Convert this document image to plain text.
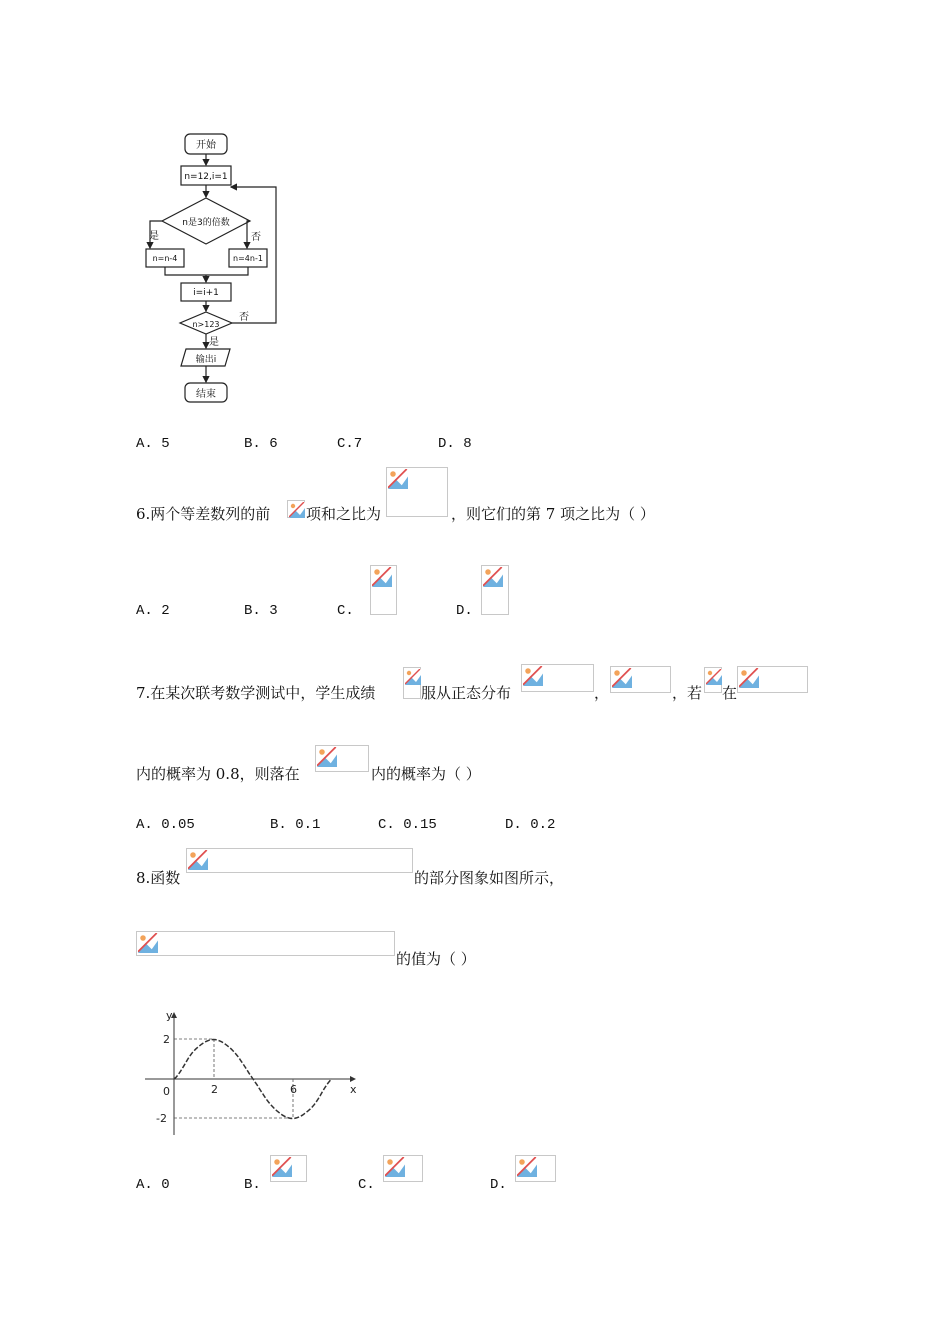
开始
n=12,i=1
n是3的倍数
是	否
n=n-4	n=4n-1
i=i+1
n>123
否
是
输出i
结束
A. 5	B. 6	C.7	D. 8
6.两个等差数列的前 项和之比为	，则它们的第 7 项之比为（ ）
A. 2	B. 3	C.	D.
7.在某次联考数学测试中，学生成绩	服从正态分布	，	，若 在
内的概率为 0.8，则落在	内的概率为（ ）
A. 0.05	B. 0.1	C. 0.15	D. 0.2
8.函数	的部分图象如图所示，
的值为（ ）
y
x
0
2
-2
2	6
A. 0	B.	C.	D.
